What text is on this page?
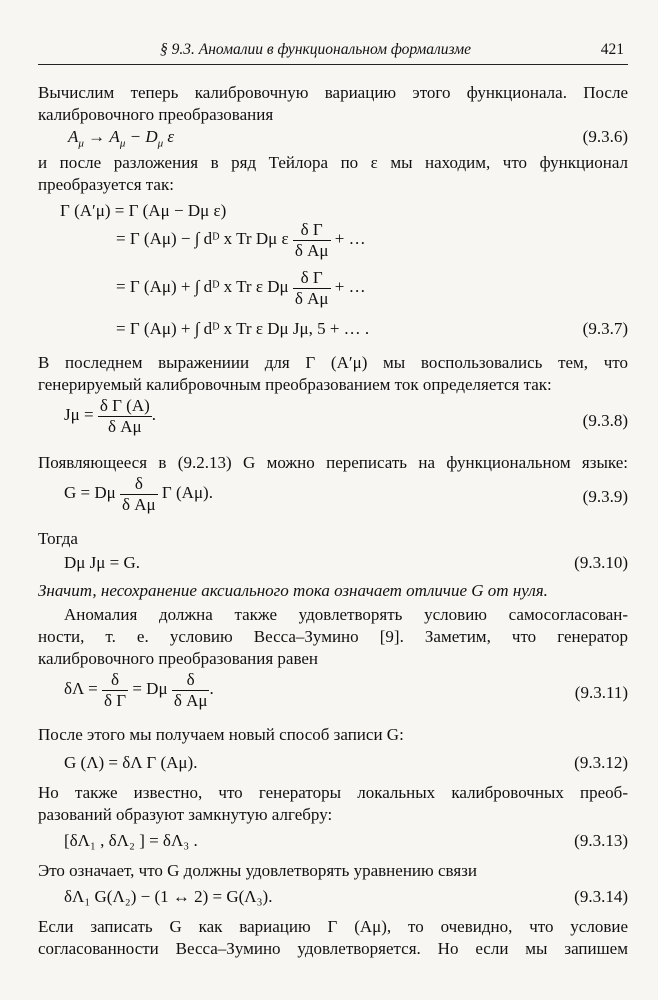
§ 9.3. Аномалии в функциональном формализме	421
Вычислим теперь калибровочную вариацию этого функционала. После
калибровочного преобразования
$A_\mu \to A_\mu - D_\mu$ ε	(9.3.6)
и после разложения в ряд Тейлора по ε мы находим, что функционал
преобразуется так:
Γ (A′μ) = Γ (Aμ − Dμ ε)
= Γ (Aμ) − ∫ dᴰ x Tr Dμ ε $\frac{\text{δ Γ}}{\text{δ Aμ}}$ + …
= Γ (Aμ) + ∫ dᴰ x Tr ε Dμ $\frac{\text{δ Γ}}{\text{δ Aμ}}$ + …
= Γ (Aμ) + ∫ dᴰ x Tr ε Dμ Jμ, 5 + … .	(9.3.7)
В последнем выражениии для Γ (A′μ) мы воспользовались тем, что
генерируемый калибровочным преобразованием ток определяется так:
$J\mu = \frac{\text{δ Γ (A)}}{\text{δ Aμ}}$ .	(9.3.8)
Появляющееся в (9.2.13) G можно переписать на функциональном языке:
G = Dμ $\frac{\delta}{\text{δ Aμ}}$ Γ (Aμ).	(9.3.9)
Тогда
Dμ Jμ = G.	(9.3.10)
Значит, несохранение аксиального тока означает отличие G от нуля.
Аномалия должна также удовлетворять условию самосогласован-
ности, т. е. условию Весса–Зумино [9]. Заметим, что генератор
калибровочного преобразования равен
$\delta\Lambda = \frac{\delta}{\text{δ Γ}} = D\mu \frac{\delta}{\text{δ Aμ}}$ .	(9.3.11)
После этого мы получаем новый способ записи G:
G (Λ) = δΛ Γ (Aμ).	(9.3.12)
Но также известно, что генераторы локальных калибровочных преоб-
разований образуют замкнутую алгебру:
[δΛ₁ , δΛ₂ ] = δΛ₃ .	(9.3.13)
Это означает, что G должны удовлетворять уравнению связи
δΛ₁ G(Λ₂) − (1 ↔ 2) = G(Λ₃).	(9.3.14)
Если записать G как вариацию Γ (Aμ), то очевидно, что условие
согласованности Весса–Зумино удовлетворяется. Но если мы запишем
